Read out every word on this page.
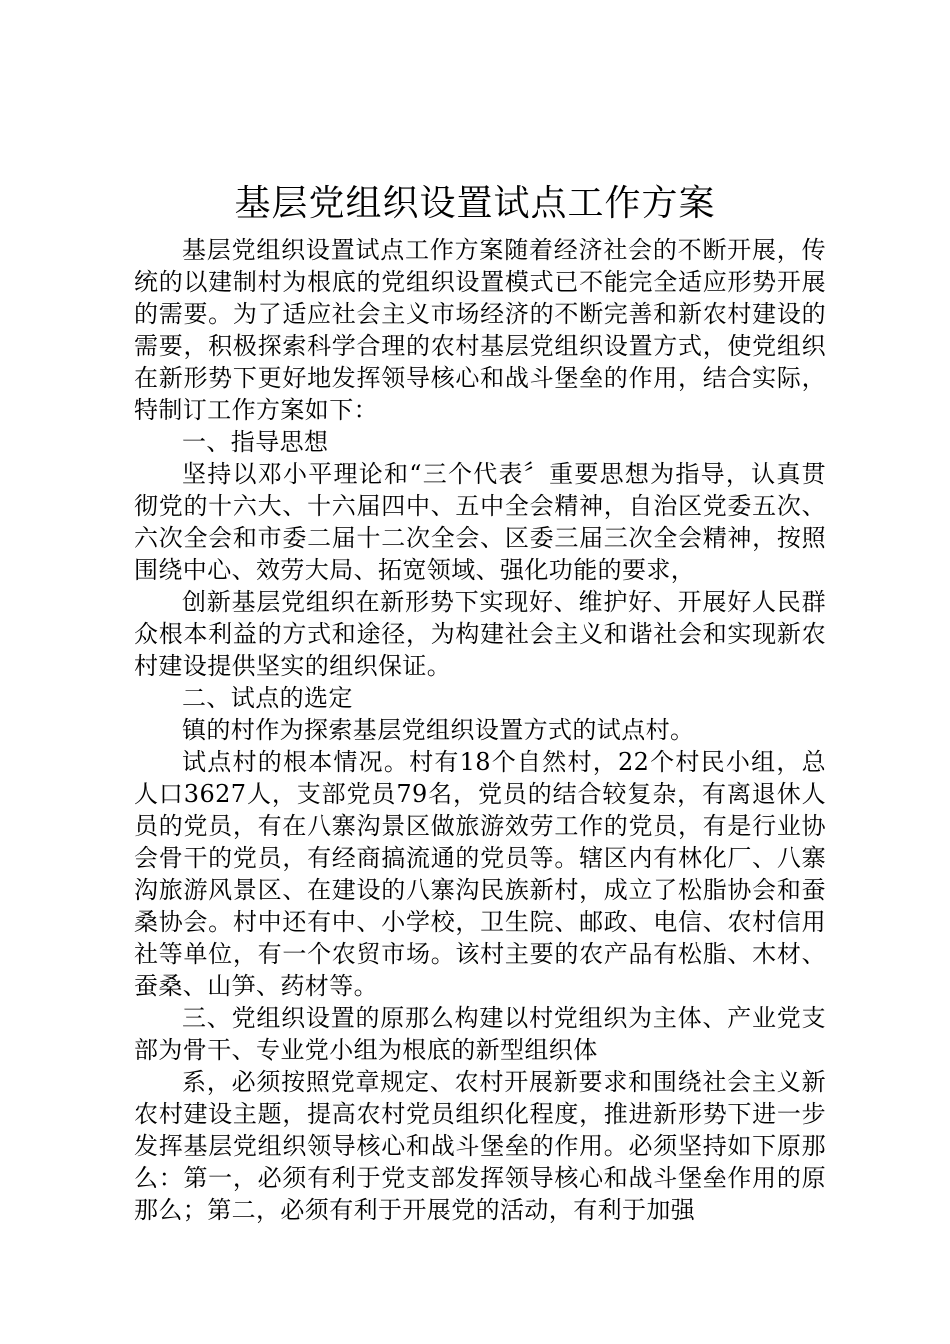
基层党组织设置试点工作方案

基层党组织设置试点工作方案随着经济社会的不断开展，传统的以建制村为根底的党组织设置模式已不能完全适应形势开展的需要。为了适应社会主义市场经济的不断完善和新农村建设的需要，积极探索科学合理的农村基层党组织设置方式，使党组织在新形势下更好地发挥领导核心和战斗堡垒的作用，结合实际，特制订工作方案如下：

一、指导思想

坚持以邓小平理论和“三个代表〞重要思想为指导，认真贯彻党的十六大、十六届四中、五中全会精神，自治区党委五次、六次全会和市委二届十二次全会、区委三届三次全会精神，按照围绕中心、效劳大局、拓宽领域、强化功能的要求，

创新基层党组织在新形势下实现好、维护好、开展好人民群众根本利益的方式和途径，为构建社会主义和谐社会和实现新农村建设提供坚实的组织保证。

二、试点的选定

镇的村作为探索基层党组织设置方式的试点村。

试点村的根本情况。村有18个自然村，22个村民小组，总人口3627人，支部党员79名，党员的结合较复杂，有离退休人员的党员，有在八寨沟景区做旅游效劳工作的党员，有是行业协会骨干的党员，有经商搞流通的党员等。辖区内有林化厂、八寨沟旅游风景区、在建设的八寨沟民族新村，成立了松脂协会和蚕桑协会。村中还有中、小学校，卫生院、邮政、电信、农村信用社等单位，有一个农贸市场。该村主要的农产品有松脂、木材、蚕桑、山笋、药材等。

三、党组织设置的原那么构建以村党组织为主体、产业党支部为骨干、专业党小组为根底的新型组织体

系，必须按照党章规定、农村开展新要求和围绕社会主义新农村建设主题，提高农村党员组织化程度，推进新形势下进一步发挥基层党组织领导核心和战斗堡垒的作用。必须坚持如下原那么：第一，必须有利于党支部发挥领导核心和战斗堡垒作用的原那么；第二，必须有利于开展党的活动，有利于加强
